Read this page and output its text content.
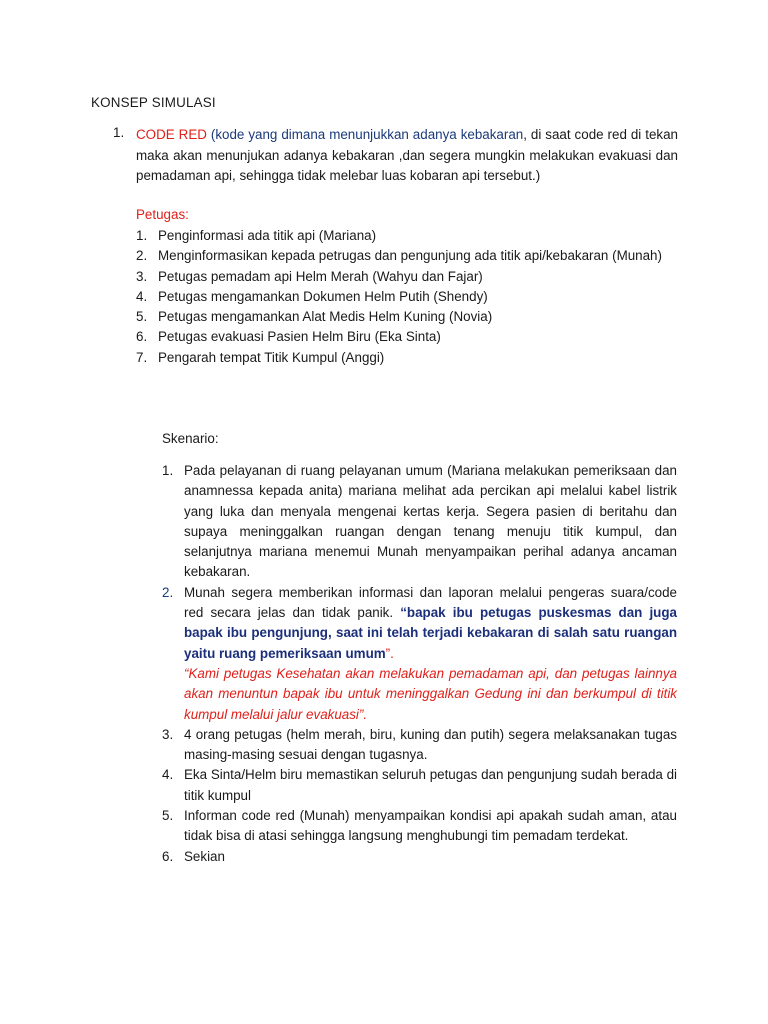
KONSEP SIMULASI
1. CODE RED (kode yang dimana menunjukkan adanya kebakaran, di saat code red di tekan maka akan menunjukan adanya kebakaran ,dan segera mungkin melakukan evakuasi dan pemadaman api, sehingga tidak melebar luas kobaran api tersebut.)
Petugas:
1. Penginformasi ada titik api (Mariana)
2. Menginformasikan kepada petrugas dan pengunjung ada titik api/kebakaran (Munah)
3. Petugas pemadam api Helm Merah (Wahyu dan Fajar)
4. Petugas mengamankan Dokumen Helm Putih (Shendy)
5. Petugas mengamankan Alat Medis Helm Kuning (Novia)
6. Petugas evakuasi Pasien Helm Biru (Eka Sinta)
7. Pengarah tempat Titik Kumpul (Anggi)
Skenario:
1. Pada pelayanan di ruang pelayanan umum (Mariana melakukan pemeriksaan dan anamnessa kepada anita) mariana melihat ada percikan api melalui kabel listrik yang luka dan menyala mengenai kertas kerja. Segera pasien di beritahu dan supaya meninggalkan ruangan dengan tenang menuju titik kumpul, dan selanjutnya mariana menemui Munah menyampaikan perihal adanya ancaman kebakaran.
2. Munah segera memberikan informasi dan laporan melalui pengeras suara/code red secara jelas dan tidak panik. “bapak ibu petugas puskesmas dan juga bapak ibu pengunjung, saat ini telah terjadi kebakaran di salah satu ruangan yaitu ruang pemeriksaan umum”.
“Kami petugas Kesehatan akan melakukan pemadaman api, dan petugas lainnya akan menuntun bapak ibu untuk meninggalkan Gedung ini dan berkumpul di titik kumpul melalui jalur evakuasi”.
3. 4 orang petugas (helm merah, biru, kuning dan putih) segera melaksanakan tugas masing-masing sesuai dengan tugasnya.
4. Eka Sinta/Helm biru memastikan seluruh petugas dan pengunjung sudah berada di titik kumpul
5. Informan code red (Munah) menyampaikan kondisi api apakah sudah aman, atau tidak bisa di atasi sehingga langsung menghubungi tim pemadam terdekat.
6. Sekian
